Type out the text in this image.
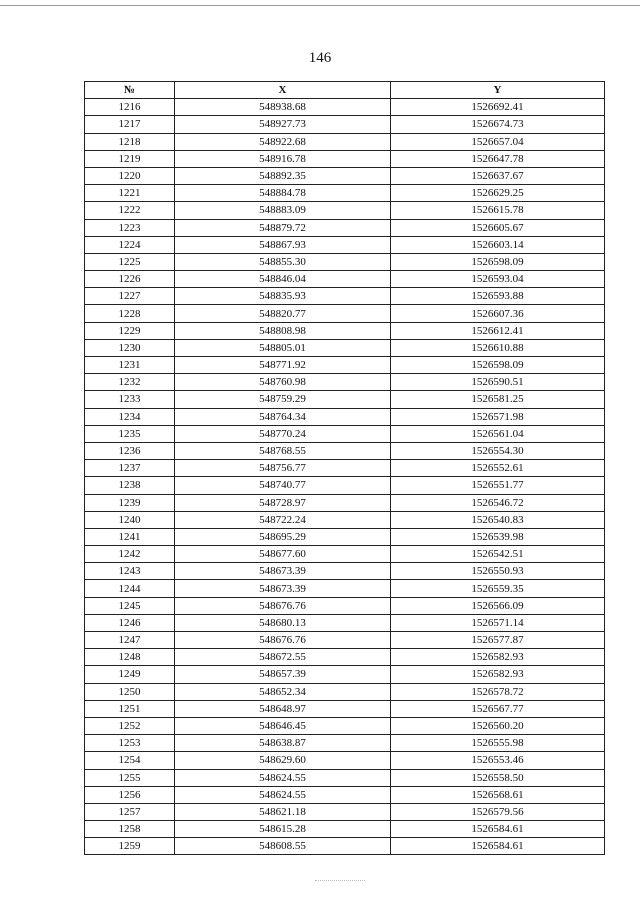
146
№	X	Y
1216	548938.68	1526692.41
1217	548927.73	1526674.73
1218	548922.68	1526657.04
1219	548916.78	1526647.78
1220	548892.35	1526637.67
1221	548884.78	1526629.25
1222	548883.09	1526615.78
1223	548879.72	1526605.67
1224	548867.93	1526603.14
1225	548855.30	1526598.09
1226	548846.04	1526593.04
1227	548835.93	1526593.88
1228	548820.77	1526607.36
1229	548808.98	1526612.41
1230	548805.01	1526610.88
1231	548771.92	1526598.09
1232	548760.98	1526590.51
1233	548759.29	1526581.25
1234	548764.34	1526571.98
1235	548770.24	1526561.04
1236	548768.55	1526554.30
1237	548756.77	1526552.61
1238	548740.77	1526551.77
1239	548728.97	1526546.72
1240	548722.24	1526540.83
1241	548695.29	1526539.98
1242	548677.60	1526542.51
1243	548673.39	1526550.93
1244	548673.39	1526559.35
1245	548676.76	1526566.09
1246	548680.13	1526571.14
1247	548676.76	1526577.87
1248	548672.55	1526582.93
1249	548657.39	1526582.93
1250	548652.34	1526578.72
1251	548648.97	1526567.77
1252	548646.45	1526560.20
1253	548638.87	1526555.98
1254	548629.60	1526553.46
1255	548624.55	1526558.50
1256	548624.55	1526568.61
1257	548621.18	1526579.56
1258	548615.28	1526584.61
1259	548608.55	1526584.61
